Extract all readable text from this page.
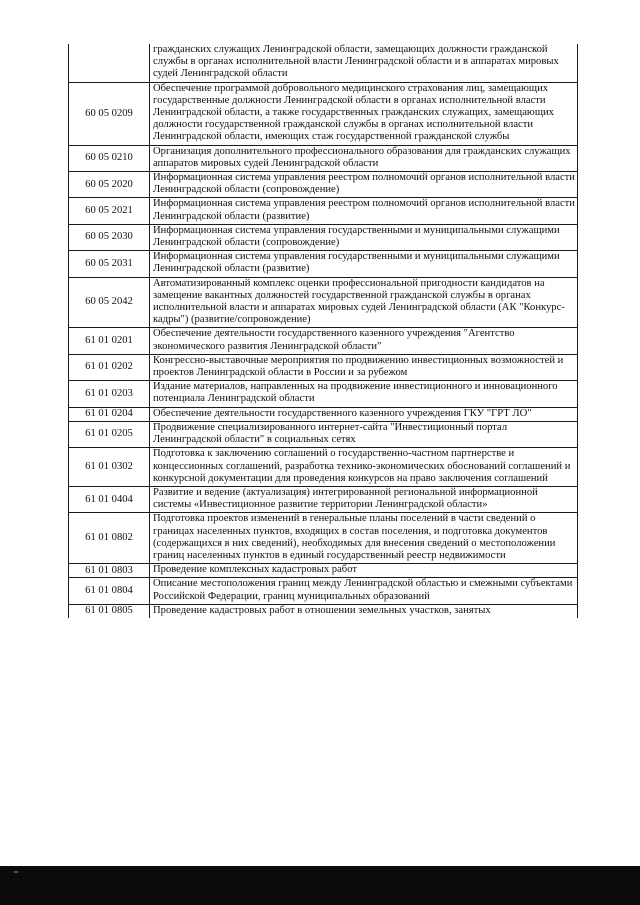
	гражданских служащих Ленинградской области, замещающих должности гражданской службы в органах исполнительной власти Ленинградской области и в аппаратах мировых судей Ленинградской области
60 05 0209	Обеспечение программой добровольного медицинского страхования лиц, замещающих государственные должности Ленинградской области в органах исполнительной власти Ленинградской области, а также государственных гражданских служащих, замещающих должности государственной гражданской службы в органах исполнительной власти Ленинградской области, имеющих стаж государственной гражданской службы
60 05 0210	Организация дополнительного профессионального образования для гражданских служащих аппаратов мировых судей Ленинградской области
60 05 2020	Информационная система управления реестром полномочий органов исполнительной власти Ленинградской области (сопровождение)
60 05 2021	Информационная система управления реестром полномочий органов исполнительной власти Ленинградской области (развитие)
60 05 2030	Информационная система управления государственными и муниципальными служащими Ленинградской области (сопровождение)
60 05 2031	Информационная система управления государственными и муниципальными служащими Ленинградской области (развитие)
60 05 2042	Автоматизированный комплекс оценки профессиональной пригодности кандидатов на замещение вакантных должностей государственной гражданской службы в органах исполнительной власти и аппаратах мировых судей Ленинградской области (АК "Конкурс-кадры") (развитие/сопровождение)
61 01 0201	Обеспечение деятельности государственного казенного учреждения "Агентство экономического развития Ленинградской области"
61 01 0202	Конгрессно-выставочные мероприятия по продвижению инвестиционных возможностей и проектов Ленинградской области в России и за рубежом
61 01 0203	Издание материалов, направленных на продвижение инвестиционного и инновационного потенциала Ленинградской области
61 01 0204	Обеспечение деятельности государственного казенного учреждения ГКУ "ГРТ ЛО"
61 01 0205	Продвижение специализированного интернет-сайта "Инвестиционный портал Ленинградской области" в социальных сетях
61 01 0302	Подготовка к заключению соглашений о государственно-частном партнерстве и концессионных соглашений, разработка технико-экономических обоснований соглашений и конкурсной документации для проведения конкурсов на право заключения соглашений
61 01 0404	Развитие и ведение (актуализация) интегрированной региональной информационной системы «Инвестиционное развитие территории Ленинградской области»
61 01 0802	Подготовка проектов изменений в генеральные планы поселений в части сведений о границах населенных пунктов, входящих в состав поселения, и подготовка документов (содержащихся в них сведений), необходимых для внесения сведений о местоположении границ населенных пунктов в единый государственный реестр недвижимости
61 01 0803	Проведение комплексных кадастровых работ
61 01 0804	Описание местоположения границ между Ленинградской областью и смежными субъектами Российской Федерации, границ муниципальных образований
61 01 0805	Проведение кадастровых работ в отношении земельных участков, занятых
